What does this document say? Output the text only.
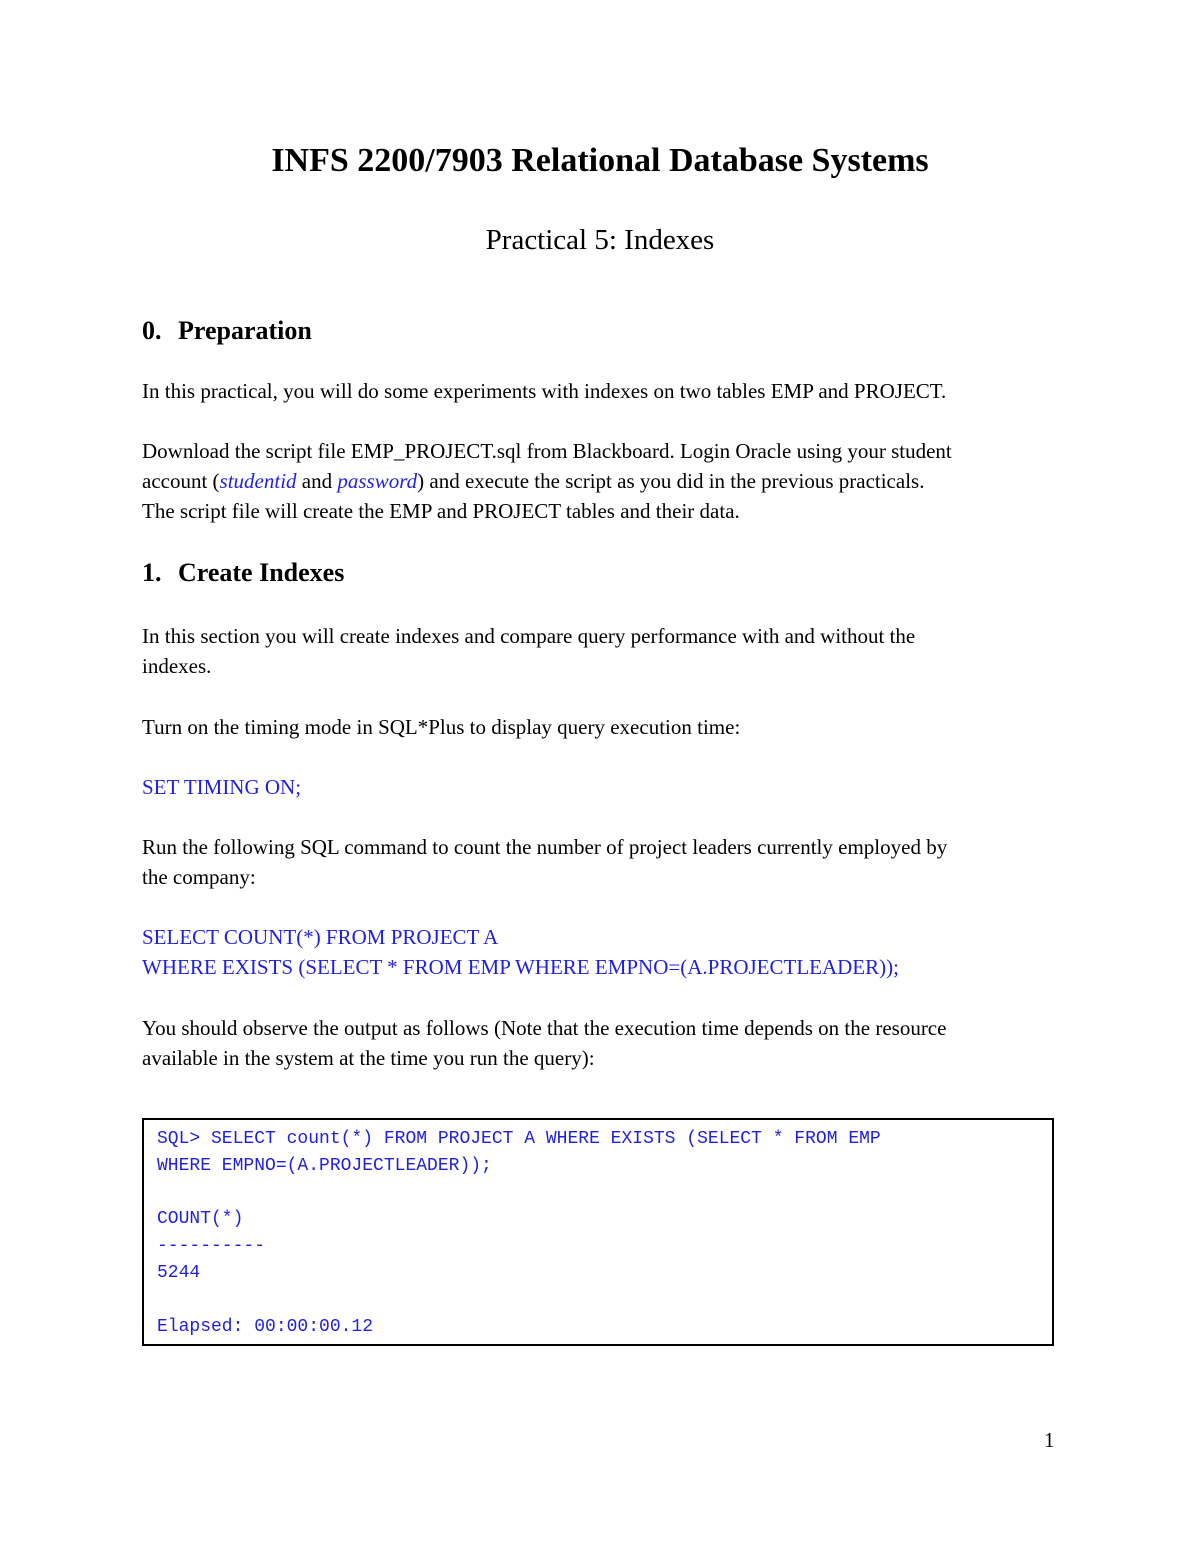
INFS 2200/7903 Relational Database Systems
Practical 5: Indexes
0. Preparation
In this practical, you will do some experiments with indexes on two tables EMP and PROJECT.
Download the script file EMP_PROJECT.sql from Blackboard. Login Oracle using your student
account (studentid and password) and execute the script as you did in the previous practicals.
The script file will create the EMP and PROJECT tables and their data.
1. Create Indexes
In this section you will create indexes and compare query performance with and without the
indexes.
Turn on the timing mode in SQL*Plus to display query execution time:
SET TIMING ON;
Run the following SQL command to count the number of project leaders currently employed by
the company:
SELECT COUNT(*) FROM PROJECT A
WHERE EXISTS (SELECT * FROM EMP WHERE EMPNO=(A.PROJECTLEADER));
You should observe the output as follows (Note that the execution time depends on the resource
available in the system at the time you run the query):
SQL> SELECT count(*) FROM PROJECT A WHERE EXISTS (SELECT * FROM EMP
WHERE EMPNO=(A.PROJECTLEADER));
COUNT(*)
----------
5244
Elapsed: 00:00:00.12
1
